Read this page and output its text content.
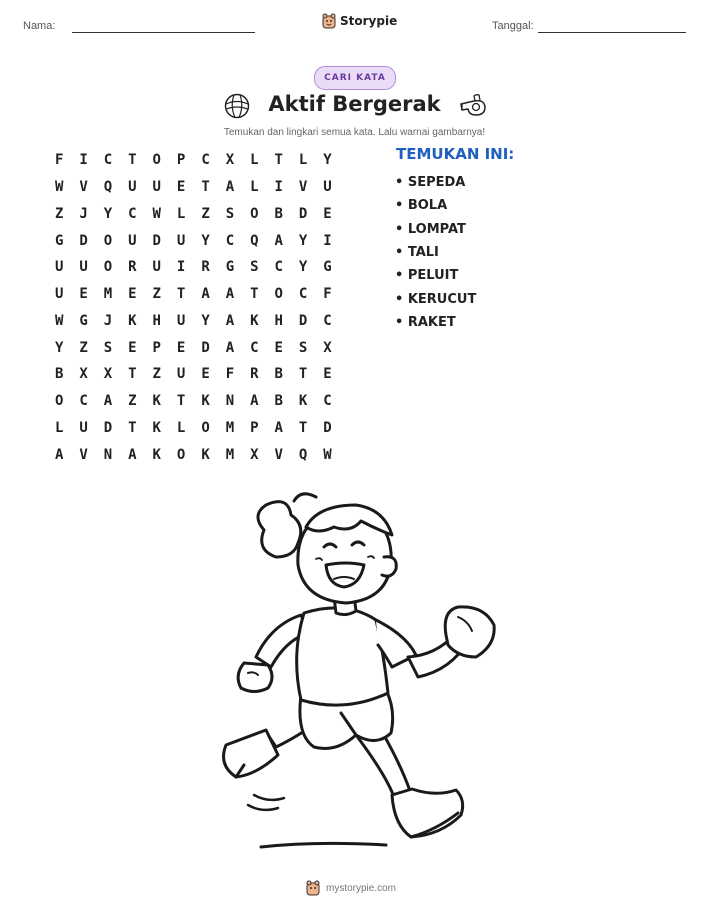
Nama:	Storypie	Tanggal:
CARI KATA
Aktif Bergerak
Temukan dan lingkari semua kata. Lalu warnai gambarnya!
F	I	C	T	O	P	C	X	L	T	L	Y
W	V	Q	U	U	E	T	A	L	I	V	U
Z	J	Y	C	W	L	Z	S	O	B	D	E
G	D	O	U	D	U	Y	C	Q	A	Y	I
U	U	O	R	U	I	R	G	S	C	Y	G
U	E	M	E	Z	T	A	A	T	O	C	F
W	G	J	K	H	U	Y	A	K	H	D	C
Y	Z	S	E	P	E	D	A	C	E	S	X
B	X	X	T	Z	U	E	F	R	B	T	E
O	C	A	Z	K	T	K	N	A	B	K	C
L	U	D	T	K	L	O	M	P	A	T	D
A	V	N	A	K	O	K	M	X	V	Q	W
TEMUKAN INI:
• SEPEDA
• BOLA
• LOMPAT
• TALI
• PELUIT
• KERUCUT
• RAKET
mystorypie.com
